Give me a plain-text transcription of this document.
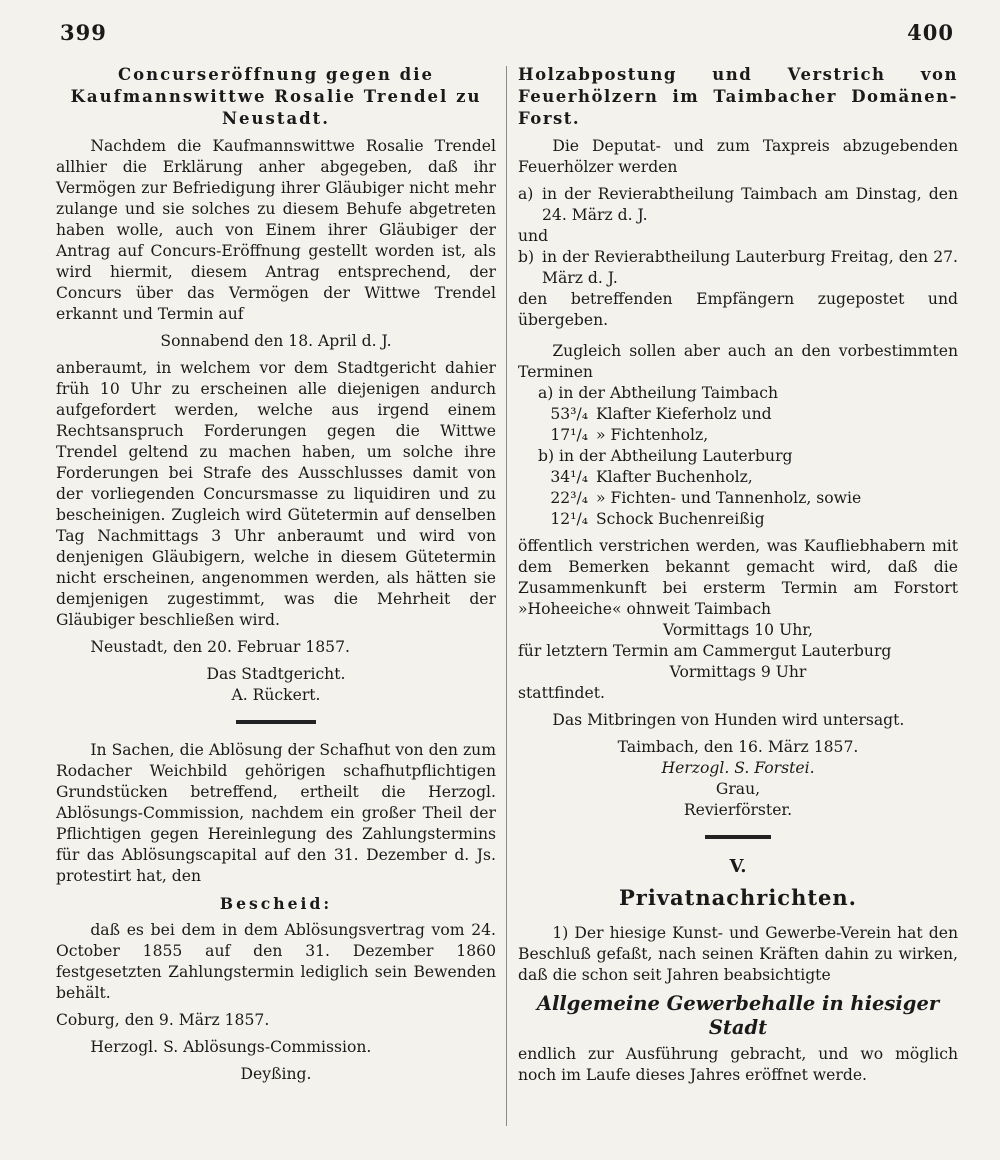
399	400

Concurseröffnung gegen die Kaufmannswittwe Rosalie Trendel zu Neustadt.

Nachdem die Kaufmannswittwe Rosalie Trendel allhier die Erklärung anher abgegeben, daß ihr Vermögen zur Befriedigung ihrer Gläubiger nicht mehr zulange und sie solches zu diesem Behufe abgetreten haben wolle, auch von Einem ihrer Gläubiger der Antrag auf Concurs-Eröffnung gestellt worden ist, als wird hiermit, diesem Antrag entsprechend, der Concurs über das Vermögen der Wittwe Trendel erkannt und Termin auf

Sonnabend den 18. April d. J.

anberaumt, in welchem vor dem Stadtgericht dahier früh 10 Uhr zu erscheinen alle diejenigen andurch aufgefordert werden, welche aus irgend einem Rechtsanspruch Forderungen gegen die Wittwe Trendel geltend zu machen haben, um solche ihre Forderungen bei Strafe des Ausschlusses damit von der vorliegenden Concursmasse zu liquidiren und zu bescheinigen. Zugleich wird Gütetermin auf denselben Tag Nachmittags 3 Uhr anberaumt und wird von denjenigen Gläubigern, welche in diesem Gütetermin nicht erscheinen, angenommen werden, als hätten sie demjenigen zugestimmt, was die Mehrheit der Gläubiger beschließen wird.

Neustadt, den 20. Februar 1857.

Das Stadtgericht.

A. Rückert.

In Sachen, die Ablösung der Schafhut von den zum Rodacher Weichbild gehörigen schafhutpflichtigen Grundstücken betreffend, ertheilt die Herzogl. Ablösungs-Commission, nachdem ein großer Theil der Pflichtigen gegen Hereinlegung des Zahlungstermins für das Ablösungscapital auf den 31. Dezember d. Js. protestirt hat, den

Bescheid:

daß es bei dem in dem Ablösungsvertrag vom 24. October 1855 auf den 31. Dezember 1860 festgesetzten Zahlungstermin lediglich sein Bewenden behält.

Coburg, den 9. März 1857.

Herzogl. S. Ablösungs-Commission.

Deyßing.

Holzabpostung und Verstrich von Feuerhölzern im Taimbacher Domänen-Forst.

Die Deputat- und zum Taxpreis abzugebenden Feuerhölzer werden

a) in der Revierabtheilung Taimbach am Dinstag, den 24. März d. J.

und

b) in der Revierabtheilung Lauterburg Freitag, den 27. März d. J.

den betreffenden Empfängern zugepostet und übergeben.

Zugleich sollen aber auch an den vorbestimmten Terminen

a) in der Abtheilung Taimbach

53³/₄ Klafter Kieferholz und
17¹/₄ » Fichtenholz,

b) in der Abtheilung Lauterburg

34¹/₄ Klafter Buchenholz,
22³/₄ » Fichten- und Tannenholz, sowie
12¹/₄ Schock Buchenreißig

öffentlich verstrichen werden, was Kaufliebhabern mit dem Bemerken bekannt gemacht wird, daß die Zusammenkunft bei ersterm Termin am Forstort »Hoheeiche« ohnweit Taimbach

Vormittags 10 Uhr,

für letztern Termin am Cammergut Lauterburg

Vormittags 9 Uhr

stattfindet.

Das Mitbringen von Hunden wird untersagt.

Taimbach, den 16. März 1857.

Herzogl. S. Forstei.

Grau,

Revierförster.

V.
Privatnachrichten.

1) Der hiesige Kunst- und Gewerbe-Verein hat den Beschluß gefaßt, nach seinen Kräften dahin zu wirken, daß die schon seit Jahren beabsichtigte

Allgemeine Gewerbehalle in hiesiger Stadt

endlich zur Ausführung gebracht, und wo möglich noch im Laufe dieses Jahres eröffnet werde.
